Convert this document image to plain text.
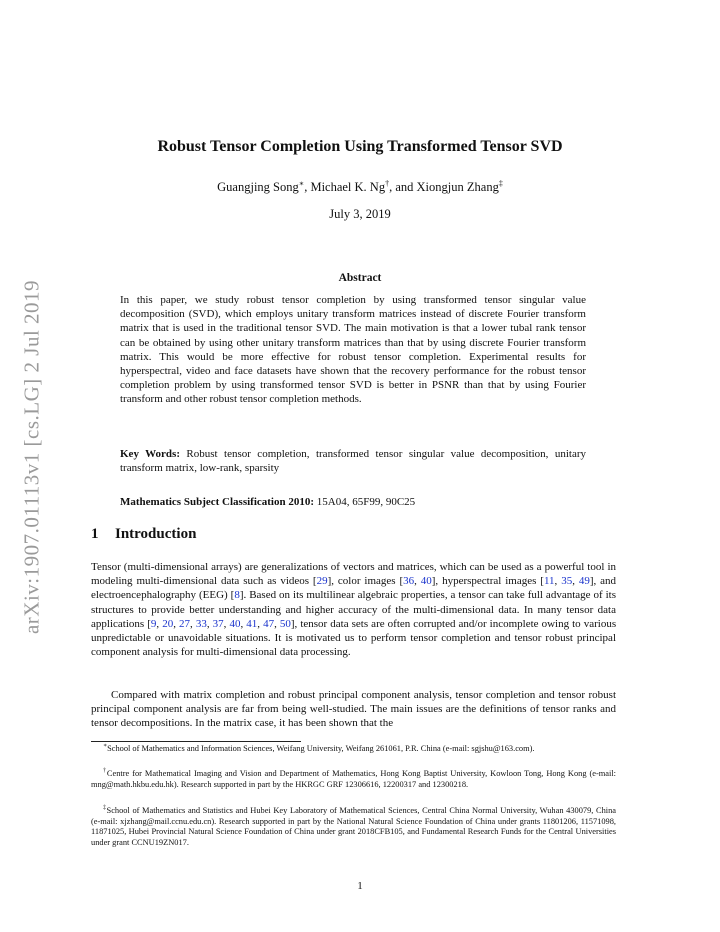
arXiv:1907.01113v1 [cs.LG] 2 Jul 2019
Robust Tensor Completion Using Transformed Tensor SVD
Guangjing Song∗, Michael K. Ng†, and Xiongjun Zhang‡
July 3, 2019
Abstract

In this paper, we study robust tensor completion by using transformed tensor singular value decomposition (SVD), which employs unitary transform matrices instead of discrete Fourier transform matrix that is used in the traditional tensor SVD. The main motivation is that a lower tubal rank tensor can be obtained by using other unitary transform matrices than that by using discrete Fourier transform matrix. This would be more effective for robust tensor completion. Experimental results for hyperspectral, video and face datasets have shown that the recovery performance for the robust tensor completion problem by using transformed tensor SVD is better in PSNR than that by using Fourier transform and other robust tensor completion methods.

Key Words: Robust tensor completion, transformed tensor singular value decomposition, unitary transform matrix, low-rank, sparsity

Mathematics Subject Classification 2010: 15A04, 65F99, 90C25

1 Introduction

Tensor (multi-dimensional arrays) are generalizations of vectors and matrices, which can be used as a powerful tool in modeling multi-dimensional data such as videos [29], color images [36, 40], hyperspectral images [11, 35, 49], and electroencephalography (EEG) [8]. Based on its multilinear algebraic properties, a tensor can take full advantage of its structures to provide better understanding and higher accuracy of the multi-dimensional data. In many tensor data applications [9, 20, 27, 33, 37, 40, 41, 47, 50], tensor data sets are often corrupted and/or incomplete owing to various unpredictable or unavoidable situations. It is motivated us to perform tensor completion and tensor robust principal component analysis for multi-dimensional data processing.

Compared with matrix completion and robust principal component analysis, tensor completion and tensor robust principal component analysis are far from being well-studied. The main issues are the definitions of tensor ranks and tensor decompositions. In the matrix case, it has been shown that the

∗School of Mathematics and Information Sciences, Weifang University, Weifang 261061, P.R. China (e-mail: sgjshu@163.com).

†Centre for Mathematical Imaging and Vision and Department of Mathematics, Hong Kong Baptist University, Kowloon Tong, Hong Kong (e-mail: mng@math.hkbu.edu.hk). Research supported in part by the HKRGC GRF 12306616, 12200317 and 12300218.

‡School of Mathematics and Statistics and Hubei Key Laboratory of Mathematical Sciences, Central China Normal University, Wuhan 430079, China (e-mail: xjzhang@mail.ccnu.edu.cn). Research supported in part by the National Natural Science Foundation of China under grants 11801206, 11571098, 11871025, Hubei Provincial Natural Science Foundation of China under grant 2018CFB105, and Fundamental Research Funds for the Central Universities under grant CCNU19ZN017.

1
